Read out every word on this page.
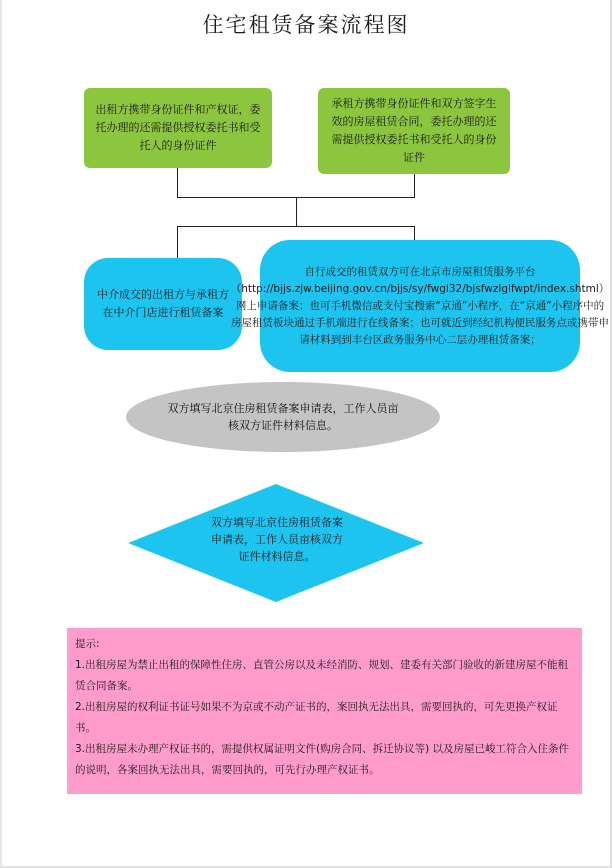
住宅租赁备案流程图
出租方携带身份证件和产权证，委托办理的还需提供授权委托书和受托人的身份证件
承租方携带身份证件和双方签字生效的房屋租赁合同，委托办理的还需提供授权委托书和受托人的身份证件
中介成交的出租方与承租方在中介门店进行租赁备案
自行成交的租赁双方可在北京市房屋租赁服务平台（http://bjjs.zjw.beijing.gov.cn/bjjs/sy/fwgl32/bjsfwzlglfwpt/index.shtml）网上申请备案；也可手机微信或支付宝搜索“京通”小程序，在“京通”小程序中的房屋租赁板块通过手机端进行在线备案；也可就近到经纪机构便民服务点或携带申请材料到到丰台区政务服务中心二层办理租赁备案；
双方填写北京住房租赁备案申请表，工作人员亩核双方证件材料信息。
双方填写北京住房租赁备案申请表，工作人员亩核双方证件材料信息。

提示:

1.出租房屋为禁止出租的保障性住房、直管公房以及未经消防、规划、建委有关部门验收的新建房屋不能租赁合同备案。

2.出租房屋的权利证书证号如果不为京或不动产证书的，案回执无法出具，需要回执的，可先更换产权证书。

3.出租房屋未办理产权证书的，需提供权属证明文件(购房合同、拆迁协议等) 以及房屋已峻工符合入住条件的说明，各案回执无法出具，需要回执的，可先行办理产权证书。
